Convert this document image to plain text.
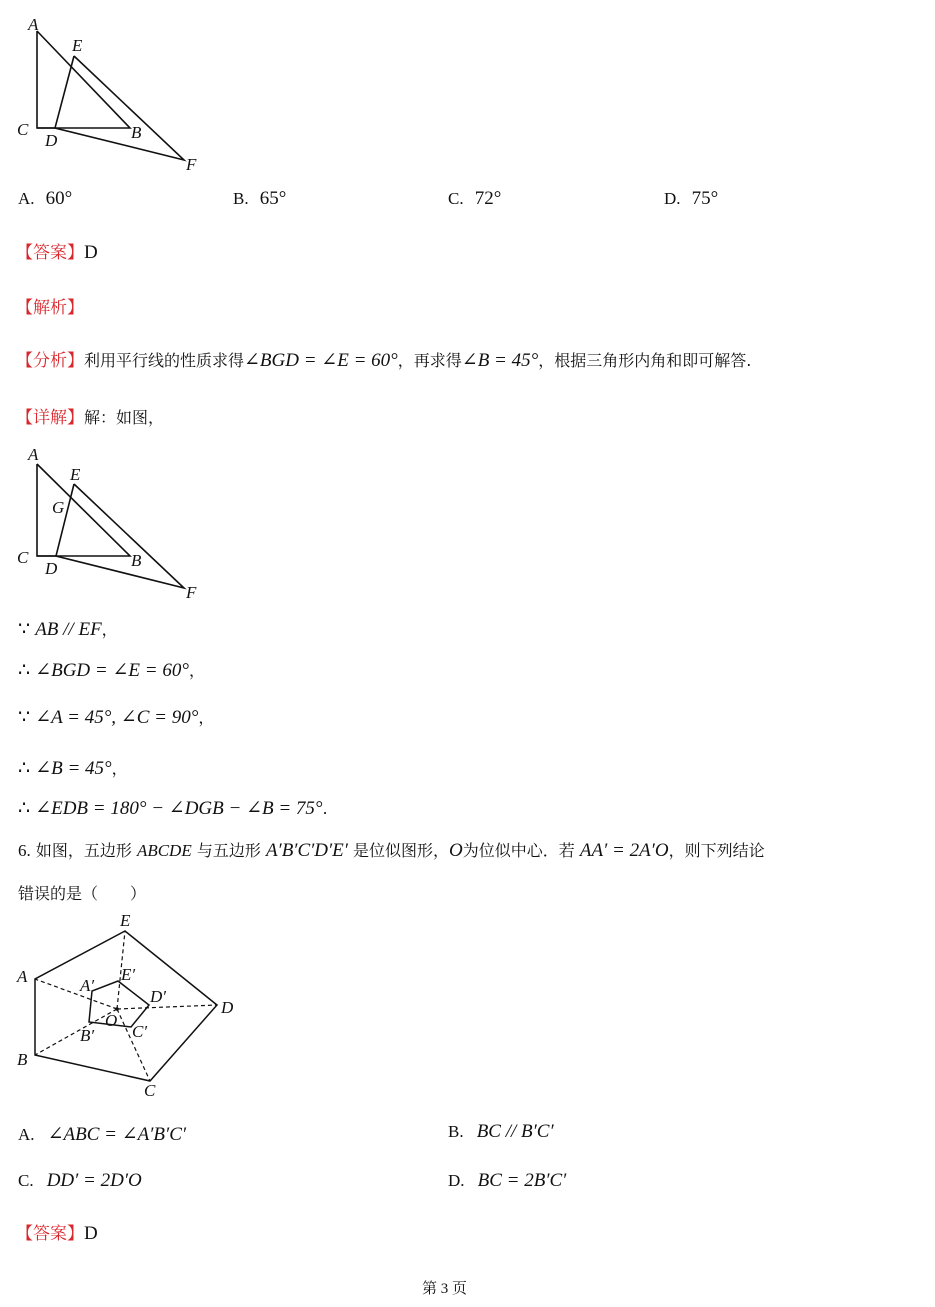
A
E
C
D	B
F
A. 60°	B. 65°	C. 72°	D. 75°
【答案】D
【解析】
【分析】利用平行线的性质求得∠BGD = ∠E = 60°，再求得∠B = 45°，根据三角形内角和即可解答.
【详解】解：如图，
A
E
G
C
D	B
F
∵ AB // EF，
∴ ∠BGD = ∠E = 60°，
∵ ∠A = 45°, ∠C = 90°，
∴ ∠B = 45°，
∴ ∠EDB = 180° − ∠DGB − ∠B = 75°.
6. 如图，五边形 ABCDE 与五边形 A′B′C′D′E′ 是位似图形，O为位似中心．若 AA′ = 2A′O，则下列结论
错误的是（　　）
E
A	E′
A′
D′
D
O
C′
B′
B
C
A. ∠ABC = ∠A′B′C′	B. BC // B′C′
C. DD′ = 2D′O	D. BC = 2B′C′
【答案】D
第 3 页
